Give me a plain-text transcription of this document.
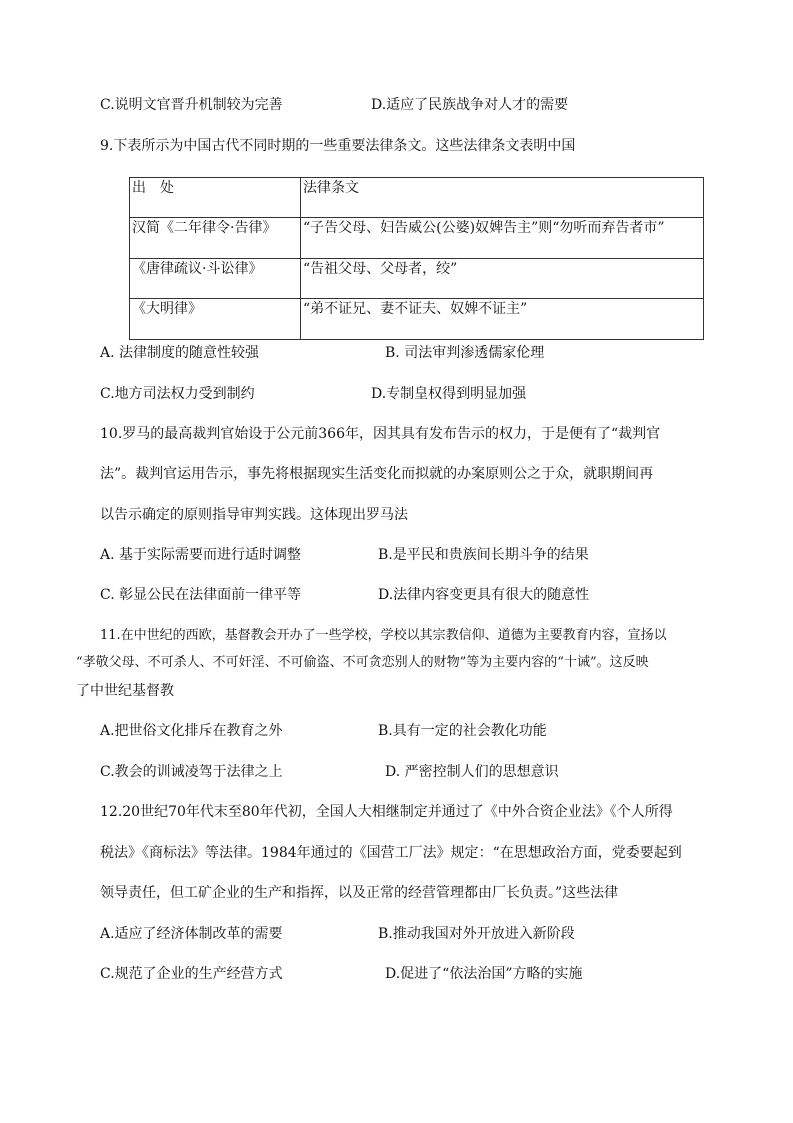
C.说明文官晋升机制较为完善	D.适应了民族战争对人才的需要
9.下表所示为中国古代不同时期的一些重要法律条文。这些法律条文表明中国
出　处	法律条文
汉简《二年律令·告律》	“子告父母、妇告威公(公婆)奴婢告主”则“勿听而弃告者市”
《唐律疏议·斗讼律》	“告祖父母、父母者，绞”
《大明律》	“弟不证兄、妻不证夫、奴婢不证主”
A. 法律制度的随意性较强	B. 司法审判渗透儒家伦理
C.地方司法权力受到制约	D.专制皇权得到明显加强
10.罗马的最高裁判官始设于公元前366年，因其具有发布告示的权力，于是便有了“裁判官
法”。裁判官运用告示，事先将根据现实生活变化而拟就的办案原则公之于众，就职期间再
以告示确定的原则指导审判实践。这体现出罗马法
A. 基于实际需要而进行适时调整	B.是平民和贵族间长期斗争的结果
C. 彰显公民在法律面前一律平等	D.法律内容变更具有很大的随意性
11.在中世纪的西欧，基督教会开办了一些学校，学校以其宗教信仰、道德为主要教育内容，宣扬以
“孝敬父母、不可杀人、不可奸淫、不可偷盗、不可贪恋别人的财物”等为主要内容的“十诫”。这反映
了中世纪基督教
A.把世俗文化排斥在教育之外	B.具有一定的社会教化功能
C.教会的训诫凌驾于法律之上	D. 严密控制人们的思想意识
12.20世纪70年代末至80年代初，全国人大相继制定并通过了《中外合资企业法》《个人所得
税法》《商标法》等法律。1984年通过的《国营工厂法》规定：“在思想政治方面，党委要起到
领导责任，但工矿企业的生产和指挥，以及正常的经营管理都由厂长负责。”这些法律
A.适应了经济体制改革的需要	B.推动我国对外开放进入新阶段
C.规范了企业的生产经营方式	D.促进了“依法治国”方略的实施
